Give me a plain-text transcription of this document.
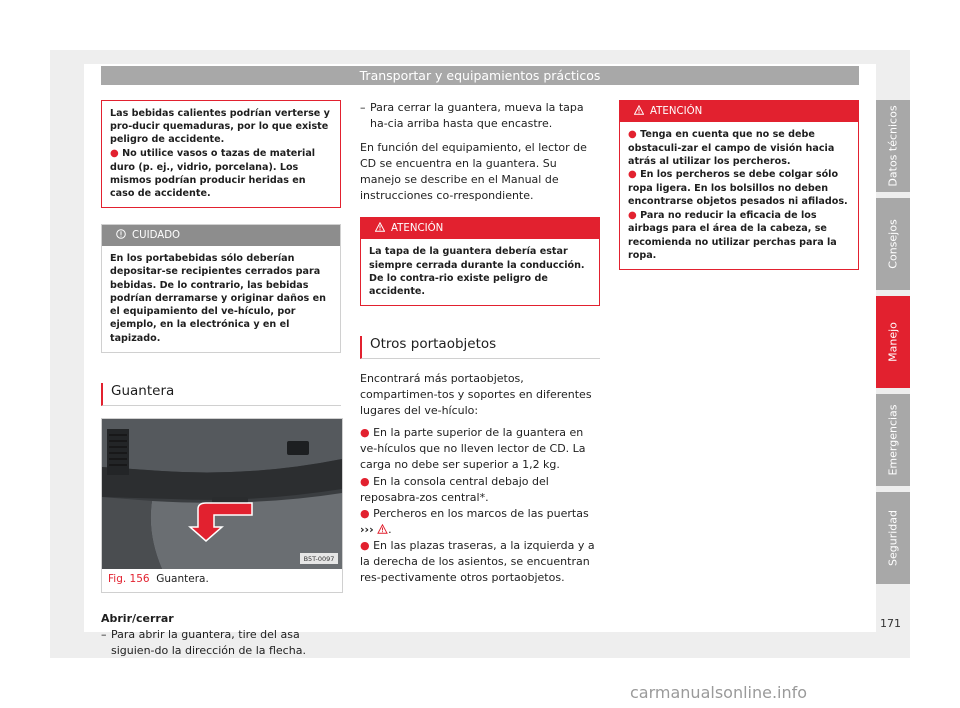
Transportar y equipamientos prácticos

Las bebidas calientes podrían verterse y pro-ducir quemaduras, por lo que existe peligro de accidente.

● No utilice vasos o tazas de material duro (p. ej., vidrio, porcelana). Los mismos podrían producir heridas en caso de accidente.

CUIDADO

En los portabebidas sólo deberían depositar-se recipientes cerrados para bebidas. De lo contrario, las bebidas podrían derramarse y originar daños en el equipamiento del ve-hículo, por ejemplo, en la electrónica y en el tapizado.

Guantera
B5T-0097
Fig. 156 Guantera.

Abrir/cerrar

– Para abrir la guantera, tire del asa siguien-do la dirección de la flecha.
– Para cerrar la guantera, mueva la tapa ha-cia arriba hasta que encastre.

En función del equipamiento, el lector de CD se encuentra en la guantera. Su manejo se describe en el Manual de instrucciones co-rrespondiente.

ATENCIÓN

La tapa de la guantera debería estar siempre cerrada durante la conducción. De lo contra-rio existe peligro de accidente.

Otros portaobjetos

Encontrará más portaobjetos, compartimen-tos y soportes en diferentes lugares del ve-hículo:

● En la parte superior de la guantera en ve-hículos que no lleven lector de CD. La carga no debe ser superior a 1,2 kg.

● En la consola central debajo del reposabra-zos central*.

● Percheros en los marcos de las puertas
››› .

● En las plazas traseras, a la izquierda y a la derecha de los asientos, se encuentran res-pectivamente otros portaobjetos.

ATENCIÓN

● Tenga en cuenta que no se debe obstaculi-zar el campo de visión hacia atrás al utilizar los percheros.

● En los percheros se debe colgar sólo ropa ligera. En los bolsillos no deben encontrarse objetos pesados ni afilados.

● Para no reducir la eficacia de los airbags para el área de la cabeza, se recomienda no utilizar perchas para la ropa.

Datos técnicos
Consejos
Manejo
Emergencias
Seguridad
171
carmanualsonline.info
